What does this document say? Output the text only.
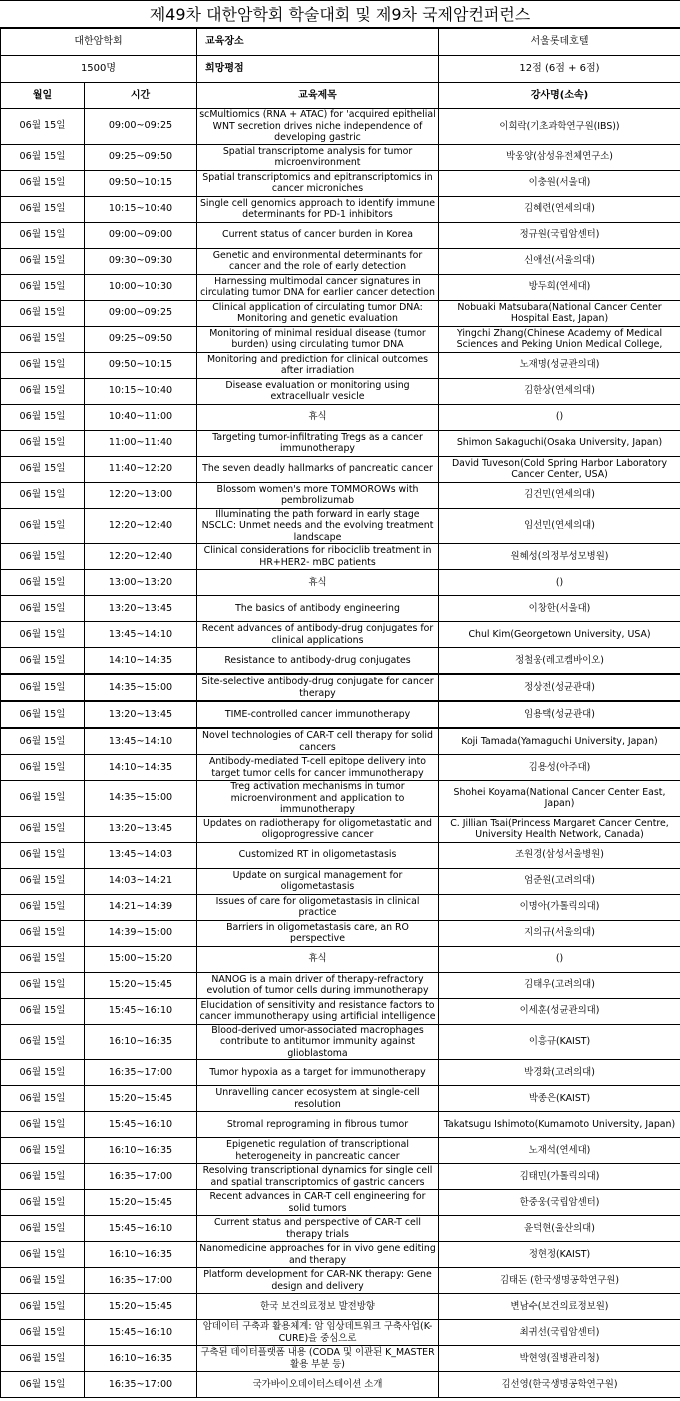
제49차 대한암학회 학술대회 및 제9차 국제암컨퍼런스
대한암학회		교육장소	서울롯데호텔
1500명		희망평점	12점 (6점 + 6점)
월일	시간	교육제목	강사명(소속)
06월 15일	09:00~09:25	scMultiomics (RNA + ATAC) for 'acquired epithelial WNT secretion drives niche independence of developing gastric	이희락(기초과학연구원(IBS))
06월 15일	09:25~09:50	Spatial transcriptome analysis for tumor microenvironment	박웅양(삼성유전체연구소)
06월 15일	09:50~10:15	Spatial transcriptomics and epitranscriptomics in cancer microniches	이충원(서울대)
06월 15일	10:15~10:40	Single cell genomics approach to identify immune determinants for PD-1 inhibitors	김혜련(연세의대)
06월 15일	09:00~09:00	Current status of cancer burden in Korea	정규원(국립암센터)
06월 15일	09:30~09:30	Genetic and environmental determinants for cancer and the role of early detection	신애선(서울의대)
06월 15일	10:00~10:30	Harnessing multimodal cancer signatures in circulating tumor DNA for earlier cancer detection	방두희(연세대)
06월 15일	09:00~09:25	Clinical application of circulating tumor DNA: Monitoring and genetic evaluation	Nobuaki Matsubara(National Cancer Center Hospital East, Japan)
06월 15일	09:25~09:50	Monitoring of minimal residual disease (tumor burden) using circulating tumor DNA	Yingchi Zhang(Chinese Academy of Medical Sciences and Peking Union Medical College,
06월 15일	09:50~10:15	Monitoring and prediction for clinical outcomes after irradiation	노재명(성균관의대)
06월 15일	10:15~10:40	Disease evaluation or monitoring using extracellualr vesicle	김한상(연세의대)
06월 15일	10:40~11:00	휴식	()
06월 15일	11:00~11:40	Targeting tumor-infiltrating Tregs as a cancer immunotherapy	Shimon Sakaguchi(Osaka University, Japan)
06월 15일	11:40~12:20	The seven deadly hallmarks of pancreatic cancer	David Tuveson(Cold Spring Harbor Laboratory Cancer Center, USA)
06월 15일	12:20~13:00	Blossom women's more TOMMOROWs with pembrolizumab	김건민(연세의대)
06월 15일	12:20~12:40	Illuminating the path forward in early stage NSCLC: Unmet needs and the evolving treatment landscape	임선민(연세의대)
06월 15일	12:20~12:40	Clinical considerations for ribociclib treatment in HR+HER2- mBC patients	원혜성(의정부성모병원)
06월 15일	13:00~13:20	휴식	()
06월 15일	13:20~13:45	The basics of antibody engineering	이창한(서울대)
06월 15일	13:45~14:10	Recent advances of antibody-drug conjugates for clinical applications	Chul Kim(Georgetown University, USA)
06월 15일	14:10~14:35	Resistance to antibody-drug conjugates	정철웅(레고켐바이오)
06월 15일	14:35~15:00	Site-selective antibody-drug conjugate for cancer therapy	정상전(성균관대)
06월 15일	13:20~13:45	TIME-controlled cancer immunotherapy	임용택(성균관대)
06월 15일	13:45~14:10	Novel technologies of CAR-T cell therapy for solid cancers	Koji Tamada(Yamaguchi University, Japan)
06월 15일	14:10~14:35	Antibody-mediated T-cell epitope delivery into target tumor cells for cancer immunotherapy	김용성(아주대)
06월 15일	14:35~15:00	Treg activation mechanisms in tumor microenvironment and application to immunotherapy	Shohei Koyama(National Cancer Center East, Japan)
06월 15일	13:20~13:45	Updates on radiotherapy for oligometastatic and oligoprogressive cancer	C. Jillian Tsai(Princess Margaret Cancer Centre, University Health Network, Canada)
06월 15일	13:45~14:03	Customized RT in oligometastasis	조원경(삼성서울병원)
06월 15일	14:03~14:21	Update on surgical management for oligometastasis	엄준원(고려의대)
06월 15일	14:21~14:39	Issues of care for oligometastasis in clinical practice	이명아(가톨릭의대)
06월 15일	14:39~15:00	Barriers in oligometastasis care, an RO perspective	지의규(서울의대)
06월 15일	15:00~15:20	휴식	()
06월 15일	15:20~15:45	NANOG is a main driver of therapy-refractory evolution of tumor cells during immunotherapy	김태우(고려의대)
06월 15일	15:45~16:10	Elucidation of sensitivity and resistance factors to cancer immunotherapy using artificial intelligence	이세훈(성균관의대)
06월 15일	16:10~16:35	Blood-derived umor-associated macrophages contribute to antitumor immunity against glioblastoma	이흥규(KAIST)
06월 15일	16:35~17:00	Tumor hypoxia as a target for immunotherapy	박경화(고려의대)
06월 15일	15:20~15:45	Unravelling cancer ecosystem at single-cell resolution	박종은(KAIST)
06월 15일	15:45~16:10	Stromal reprograming in fibrous tumor	Takatsugu Ishimoto(Kumamoto University, Japan)
06월 15일	16:10~16:35	Epigenetic regulation of transcriptional heterogeneity in pancreatic cancer	노재석(연세대)
06월 15일	16:35~17:00	Resolving transcriptional dynamics for single cell and spatial transcriptomics of gastric cancers	김태민(가톨릭의대)
06월 15일	15:20~15:45	Recent advances in CAR-T cell engineering for solid tumors	한중웅(국립암센터)
06월 15일	15:45~16:10	Current status and perspective of CAR-T cell therapy trials	윤덕현(울산의대)
06월 15일	16:10~16:35	Nanomedicine approaches for in vivo gene editing and therapy	정현정(KAIST)
06월 15일	16:35~17:00	Platform development for CAR-NK therapy: Gene design and delivery	김태돈 (한국생명공학연구원)
06월 15일	15:20~15:45	한국 보건의료정보 발전방향	변남수(보건의료정보원)
06월 15일	15:45~16:10	암데이터 구축과 활용체계: 암 임상데트워크 구축사업(K-CURE)을 중심으로	최귀선(국립암센터)
06월 15일	16:10~16:35	구축된 데이터플랫폼 내용 (CODA 및 이관된 K_MASTER 활용 부분 등)	박현영(질병관리청)
06월 15일	16:35~17:00	국가바이오데이터스테이션 소개	김선영(한국생명공학연구원)
